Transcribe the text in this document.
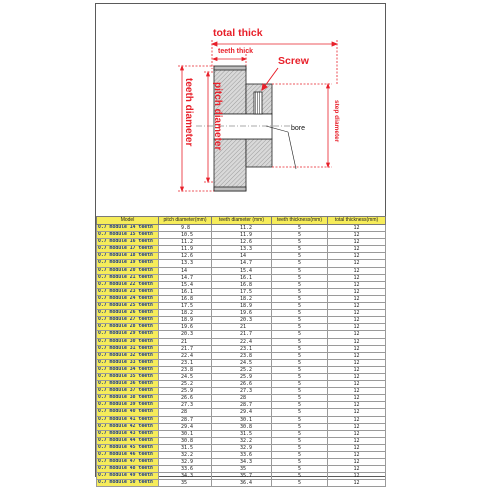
total thick
teeth thick
Screw
bore
pitch diameter
teeth diameter	step diameter
Model	pitch diameter(mm)	teeth diameter (mm)	teeth thickness(mm)	total thickness(mm)
0.7 module 14 teeth	9.8	11.2	5	12
0.7 module 15 teeth	10.5	11.9	5	12
0.7 module 16 teeth	11.2	12.6	5	12
0.7 module 17 teeth	11.9	13.3	5	12
0.7 module 18 teeth	12.6	14	5	12
0.7 module 19 teeth	13.3	14.7	5	12
0.7 module 20 teeth	14	15.4	5	12
0.7 module 21 teeth	14.7	16.1	5	12
0.7 module 22 teeth	15.4	16.8	5	12
0.7 module 23 teeth	16.1	17.5	5	12
0.7 module 24 teeth	16.8	18.2	5	12
0.7 module 25 teeth	17.5	18.9	5	12
0.7 module 26 teeth	18.2	19.6	5	12
0.7 module 27 teeth	18.9	20.3	5	12
0.7 module 28 teeth	19.6	21	5	12
0.7 module 29 teeth	20.3	21.7	5	12
0.7 module 30 teeth	21	22.4	5	12
0.7 module 31 teeth	21.7	23.1	5	12
0.7 module 32 teeth	22.4	23.8	5	12
0.7 module 33 teeth	23.1	24.5	5	12
0.7 module 34 teeth	23.8	25.2	5	12
0.7 module 35 teeth	24.5	25.9	5	12
0.7 module 36 teeth	25.2	26.6	5	12
0.7 module 37 teeth	25.9	27.3	5	12
0.7 module 38 teeth	26.6	28	5	12
0.7 module 39 teeth	27.3	28.7	5	12
0.7 module 40 teeth	28	29.4	5	12
0.7 module 41 teeth	28.7	30.1	5	12
0.7 module 42 teeth	29.4	30.8	5	12
0.7 module 43 teeth	30.1	31.5	5	12
0.7 module 44 teeth	30.8	32.2	5	12
0.7 module 45 teeth	31.5	32.9	5	12
0.7 module 46 teeth	32.2	33.6	5	12
0.7 module 47 teeth	32.9	34.3	5	12
0.7 module 48 teeth	33.6	35	5	12
0.7 module 49 teeth	34.3	35.7	5	12
0.7 module 50 teeth	35	36.4	5	12
